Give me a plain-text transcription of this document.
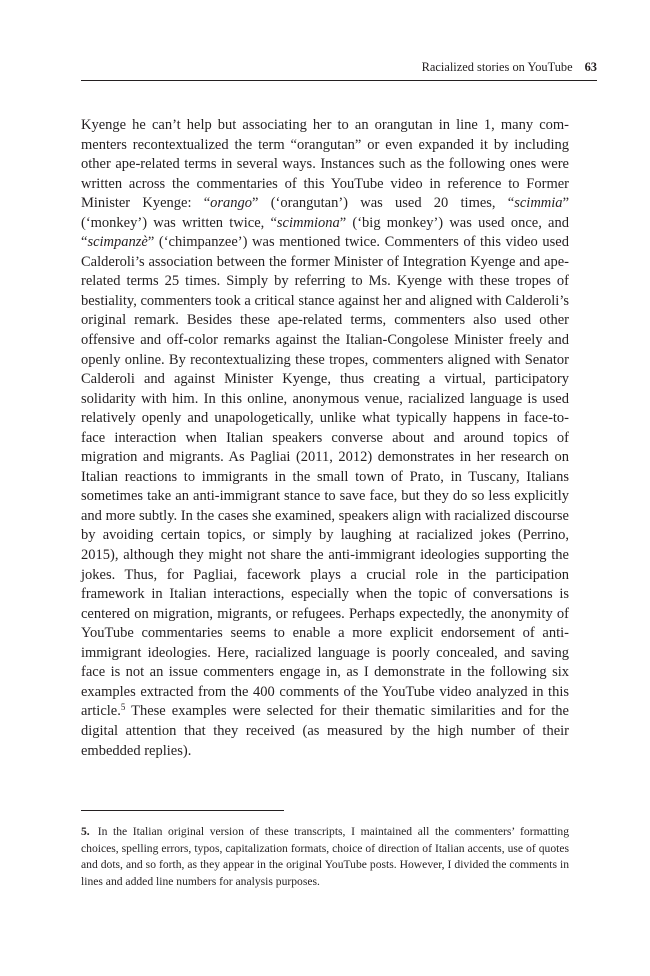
Racialized stories on YouTube 63
Kyenge he can’t help but associating her to an orangutan in line 1, many commenters recontextualized the term “orangutan” or even expanded it by including other ape-related terms in several ways. Instances such as the following ones were written across the commentaries of this YouTube video in reference to Former Minister Kyenge: “orango” (‘orangutan’) was used 20 times, “scimmia” (‘monkey’) was written twice, “scimmiona” (‘big monkey’) was used once, and “scimpanzè” (‘chimpanzee’) was mentioned twice. Commenters of this video used Calderoli’s association between the former Minister of Integration Kyenge and ape-related terms 25 times. Simply by referring to Ms. Kyenge with these tropes of bestiality, commenters took a critical stance against her and aligned with Calderoli’s original remark. Besides these ape-related terms, commenters also used other offensive and off-color remarks against the Italian-Congolese Minister freely and openly online. By recontextualizing these tropes, commenters aligned with Senator Calderoli and against Minister Kyenge, thus creating a virtual, participatory solidarity with him. In this online, anonymous venue, racialized language is used relatively openly and unapologetically, unlike what typically happens in face-to-face interaction when Italian speakers converse about and around topics of migration and migrants. As Pagliai (2011, 2012) demonstrates in her research on Italian reactions to immigrants in the small town of Prato, in Tuscany, Italians sometimes take an anti-immigrant stance to save face, but they do so less explicitly and more subtly. In the cases she examined, speakers align with racialized discourse by avoiding certain topics, or simply by laughing at racialized jokes (Perrino, 2015), although they might not share the anti-immigrant ideologies supporting the jokes. Thus, for Pagliai, facework plays a crucial role in the participation framework in Italian interactions, especially when the topic of conversations is centered on migration, migrants, or refugees. Perhaps expectedly, the anonymity of YouTube commentaries seems to enable a more explicit endorsement of anti-immigrant ideologies. Here, racialized language is poorly concealed, and saving face is not an issue commenters engage in, as I demonstrate in the following six examples extracted from the 400 comments of the YouTube video analyzed in this article.$^5$ These examples were selected for their thematic similarities and for the digital attention that they received (as measured by the high number of their embedded replies).
5. In the Italian original version of these transcripts, I maintained all the commenters’ formatting choices, spelling errors, typos, capitalization formats, choice of direction of Italian accents, use of quotes and dots, and so forth, as they appear in the original YouTube posts. However, I divided the comments in lines and added line numbers for analysis purposes.
